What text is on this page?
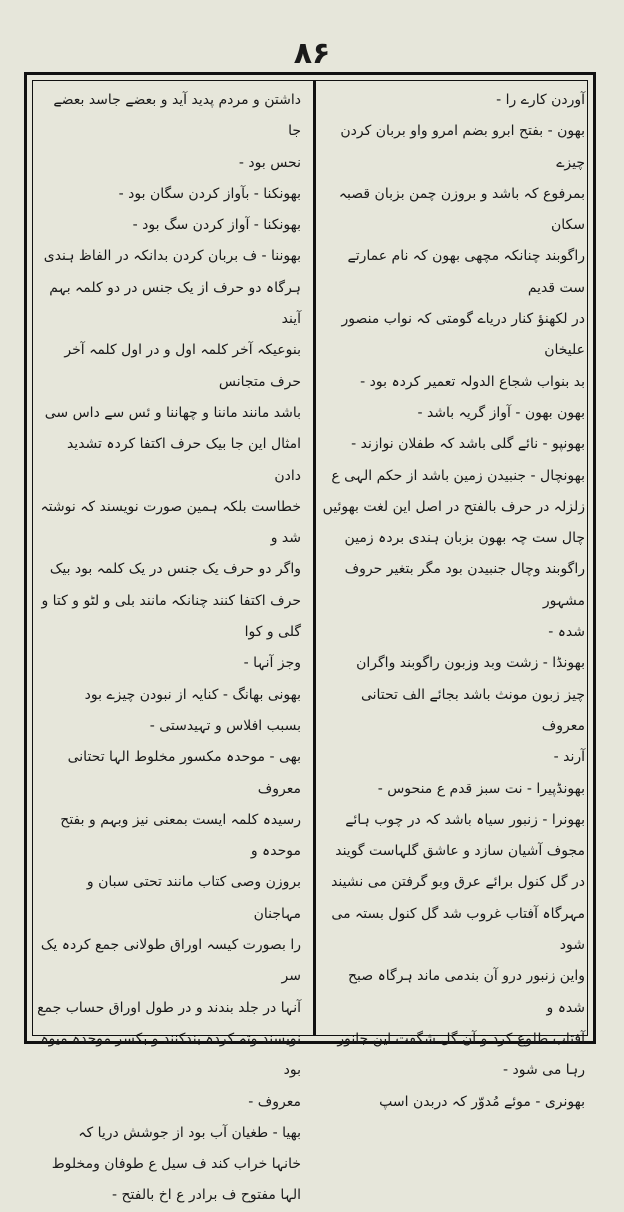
۸۶

آوردن کارے را -

بھون - بفتح ابرو بضم امرو واو بربان کردن چیزے

بمرفوع کہ باشد و بروزن چمن بزبان قصبہ سکان

راگوبند چنانکہ مچھی بھون کہ نام عمارتے ست قدیم

در لکھنؤ کنار دریاے گومتی کہ نواب منصور علیخان

بد بنواب شجاع الدولہ تعمیر کردہ بود -

بھون بھون - آواز گریہ باشد -

بھونپو - نائے گلی باشد کہ طفلان نوازند -

بھونچال - جنبیدن زمین باشد از حکم الہی ع

زلزلہ در حرف بالفتح در اصل این لغت بھوئیں

چال ست چہ بھون بزبان ہندی بردہ زمین

راگوبند وچال جنبیدن بود مگر بتغیر حروف مشہور

شدہ -

بھونڈا - زشت وبد وزبون راگوبند واگران

چیز زبون مونث باشد بجائے الف تحتانی معروف

آرند -

بھونڈپیرا - نت سبز قدم ع منحوس -

بھونرا - زنبور سیاہ باشد کہ در چوب ہائے

مجوف آشیان سازد و عاشق گلہاست گویند

در گل کنول برائے عرق وبو گرفتن می نشیند

مہرگاہ آفتاب غروب شد گل کنول بستہ می شود

واین زنبور درو آن بندمی ماند ہرگاہ صبح شدہ و

آفتاب طلوع کرد و آن گل شگفت این جانور

رہا می شود -

بھونری - موئے مُدوّر کہ دربدن اسپ

داشتن و مردم پدید آید و بعضے جاسد بعضے جا

نحس بود -

بھونکنا - بآواز کردن سگان بود -

بھونکنا - آواز کردن سگ بود -

بھوننا - ف بربان کردن بدانکہ در الفاظ ہندی

ہرگاہ دو حرف از یک جنس در دو کلمہ بہم آیند

بنوعیکہ آخر کلمہ اول و در اول کلمہ آخر حرف متجانس

باشد مانند ماننا و چھاننا و ئس سے داس سی

امثال این جا بیک حرف اکتفا کردہ تشدید دادن

خطاست بلکہ ہمین صورت نویسند کہ نوشتہ شد و

واگر دو حرف یک جنس در یک کلمہ بود بیک

حرف اکتفا کنند چنانکہ مانند بلی و لٹو و کتا و گلی و کوا

وجز آنہا -

بھونی بھانگ - کنایہ از نبودن چیزے بود

بسبب افلاس و تہیدستی -

بھی - موحدہ مکسور مخلوط الہا تحتانی معروف

رسیدہ کلمہ ایست بمعنی نیز وبہم و بفتح موحدہ و

بروزن وصی کتاب مانند تحتی سبان و مہاجنان

را بصورت کیسہ اوراق طولانی جمع کردہ یک سر

آنہا در جلد بندند و در طول اوراق حساب جمع

نویسند وتہ کردہ بندکنند و بکسر موحدہ میوہ بود

معروف -

بھیا - طغیان آب بود از جوشش دریا کہ

خانہا خراب کند ف سیل ع طوفان ومخلوط

الہا مفتوح ف برادر ع اخ بالفتح -
